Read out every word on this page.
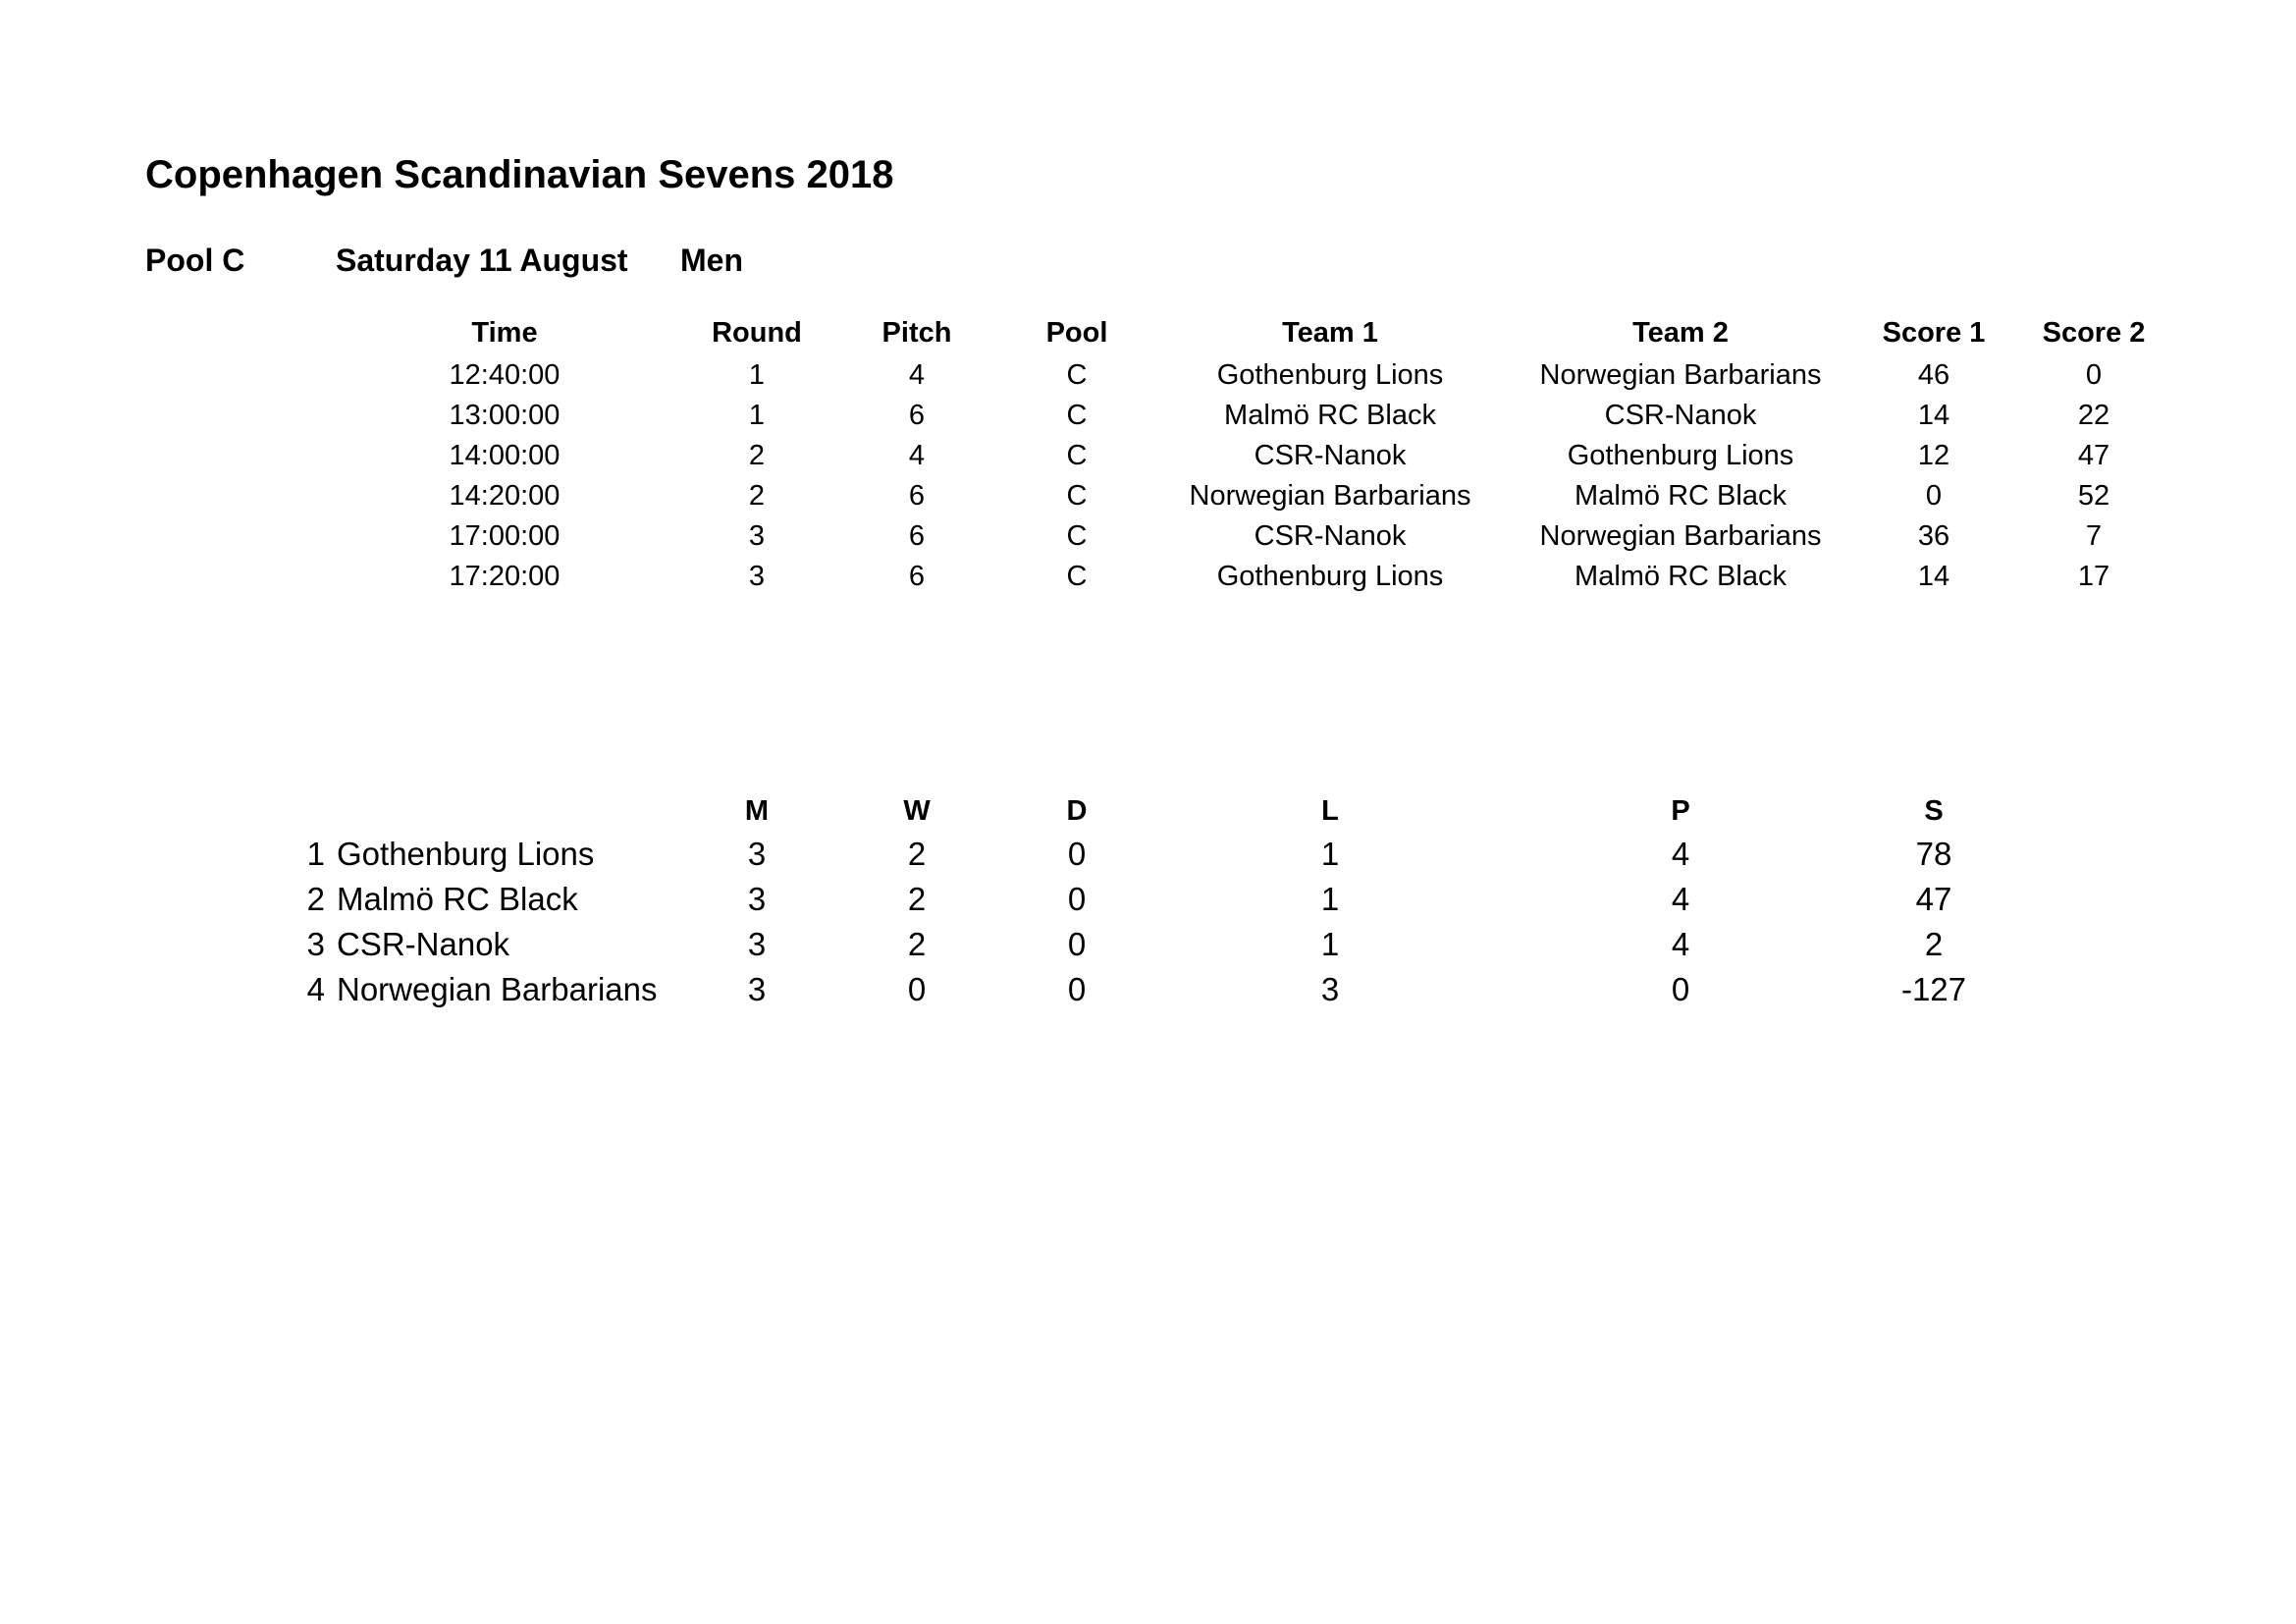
Copenhagen Scandinavian Sevens 2018
Pool C	Saturday 11 August Men
Time	Round	Pitch	Pool	Team 1	Team 2	Score 1 Score 2
12:40:00	1	4	C	Gothenburg Lions	Norwegian Barbarians	46	0
13:00:00	1	6	C	Malmö RC Black	CSR-Nanok	14	22
14:00:00	2	4	C	CSR-Nanok	Gothenburg Lions	12	47
14:20:00	2	6	C	Norwegian Barbarians	Malmö RC Black	0	52
17:00:00	3	6	C	CSR-Nanok	Norwegian Barbarians	36	7
17:20:00	3	6	C	Gothenburg Lions	Malmö RC Black	14	17
M	W	D	L	P	S
1 Gothenburg Lions	3	2	0	1	4	78
2 Malmö RC Black	3	2	0	1	4	47
3 CSR-Nanok	3	2	0	1	4	2
4 Norwegian Barbarians	3	0	0	3	0	-127
